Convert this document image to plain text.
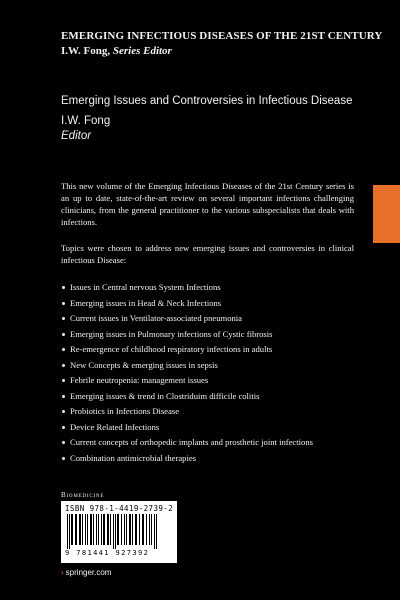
EMERGING INFECTIOUS DISEASES OF THE 21ST CENTURY
I.W. Fong, Series Editor
Emerging Issues and Controversies in Infectious Disease
I.W. Fong
Editor

This new volume of the Emerging Infectious Diseases of the 21st Century series is an up to date, state-of-the-art review on several important infections challenging clinicians, from the general practitioner to the various subspecialists that deals with infections.

Topics were chosen to address new emerging issues and controversies in clinical infectious Disease:

Issues in Central nervous System Infections
Emerging issues in Head & Neck Infections
Current issues in Ventilator-associated pneumonia
Emerging issues in Pulmonary infections of Cystic fibrosis
Re-emergence of childhood respiratory infections in adults
New Concepts & emerging issues in sepsis
Febrile neutropenia: management issues
Emerging issues & trend in Clostriduim difficile colitis
Probiotics in Infections Disease
Device Related Infections
Current concepts of orthopedic implants and prosthetic joint infections
Combination antimicrobial therapies
Biomedicine
ISBN 978-1-4419-2739-2
9 781441 927392
› springer.com
